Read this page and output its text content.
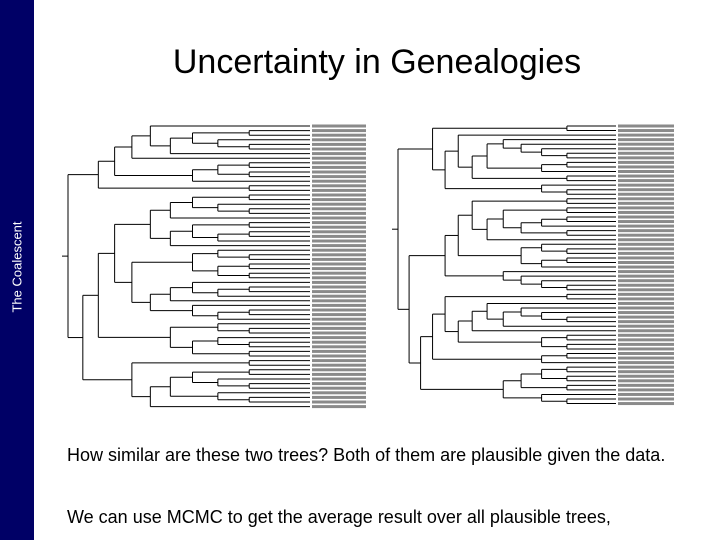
The Coalescent
Uncertainty in Genealogies
How similar are these two trees? Both of them are plausible given the data.
We can use MCMC to get the average result over all plausible trees,
